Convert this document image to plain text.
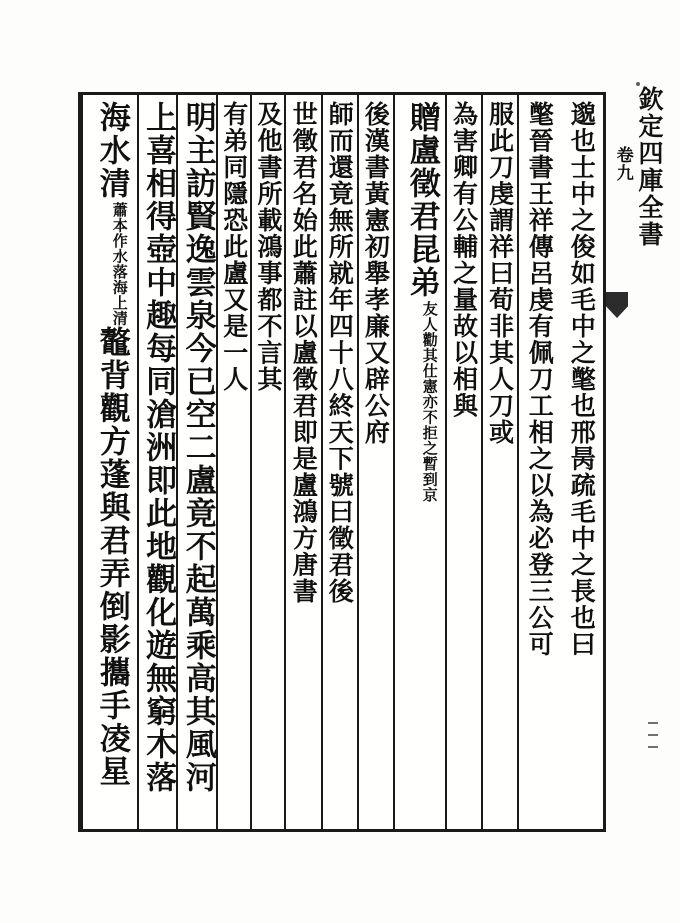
欽定四庫全書 卷九
邈也士中之俊如毛中之氅也邢昺疏毛中之長也曰
氅晉書王祥傳呂虔有佩刀工相之以為必登三公可
服此刀虔謂祥曰荀非其人刀或
為害卿有公輔之量故以相與
贈盧徵君昆弟
友人勸其仕憲亦不拒之暫到京
後漢書黃憲初舉孝廉又辟公府
師而還竟無所就年四十八終天下號曰徵君後
世徵君名始此蕭註以盧徵君即是盧鴻方唐書
及他書所載鴻事都不言其
有弟同隱恐此盧又是一人
明主訪賢逸雲泉今已空二盧竟不起萬乘高其風河
上喜相得壺中趣每同滄洲即此地觀化遊無窮木落
海水清
蕭本作水落海上清
鼇背觀方蓬與君弄倒影攜手凌星
